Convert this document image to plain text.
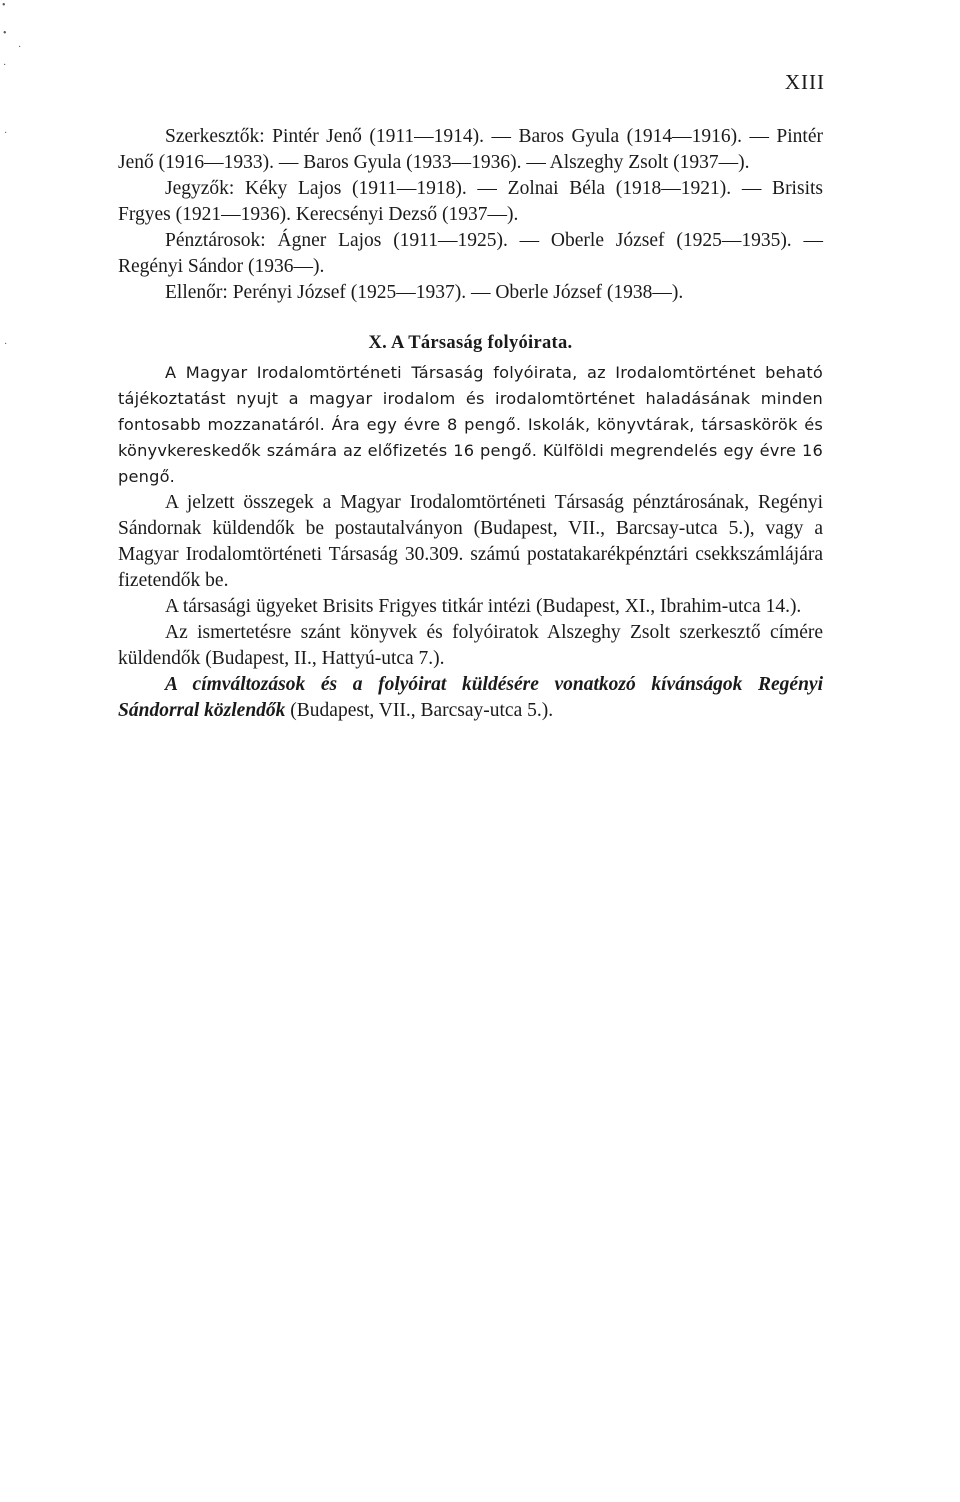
XIII

Szerkesztők: Pintér Jenő (1911—1914). — Baros Gyula (1914—1916). — Pintér Jenő (1916—1933). — Baros Gyula (1933—1936). — Alszeghy Zsolt (1937—).

Jegyzők: Kéky Lajos (1911—1918). — Zolnai Béla (1918—1921). — Brisits Frgyes (1921—1936). Kerecsényi Dezső (1937—).

Pénztárosok: Ágner Lajos (1911—1925). — Oberle József (1925—1935). — Regényi Sándor (1936—).

Ellenőr: Perényi József (1925—1937). — Oberle József (1938—).

X. A Társaság folyóirata.

A Magyar Irodalomtörténeti Társaság folyóirata, az Irodalomtörténet beható tájékoztatást nyujt a magyar irodalom és irodalomtörténet haladásának minden fontosabb mozzanatáról. Ára egy évre 8 pengő. Iskolák, könyvtárak, társaskörök és könyvkereskedők számára az előfizetés 16 pengő. Külföldi megrendelés egy évre 16 pengő.

A jelzett összegek a Magyar Irodalomtörténeti Társaság pénztárosának, Regényi Sándornak küldendők be postautalványon (Budapest, VII., Barcsay-utca 5.), vagy a Magyar Irodalomtörténeti Társaság 30.309. számú postatakarékpénztári csekkszámlájára fizetendők be.

A társasági ügyeket Brisits Frigyes titkár intézi (Budapest, XI., Ibrahim-utca 14.).

Az ismertetésre szánt könyvek és folyóiratok Alszeghy Zsolt szerkesztő címére küldendők (Budapest, II., Hattyú-utca 7.).

A címváltozások és a folyóirat küldésére vonatkozó kívánságok Regényi Sándorral közlendők (Budapest, VII., Barcsay-utca 5.).

•
•
·
·
·
·
